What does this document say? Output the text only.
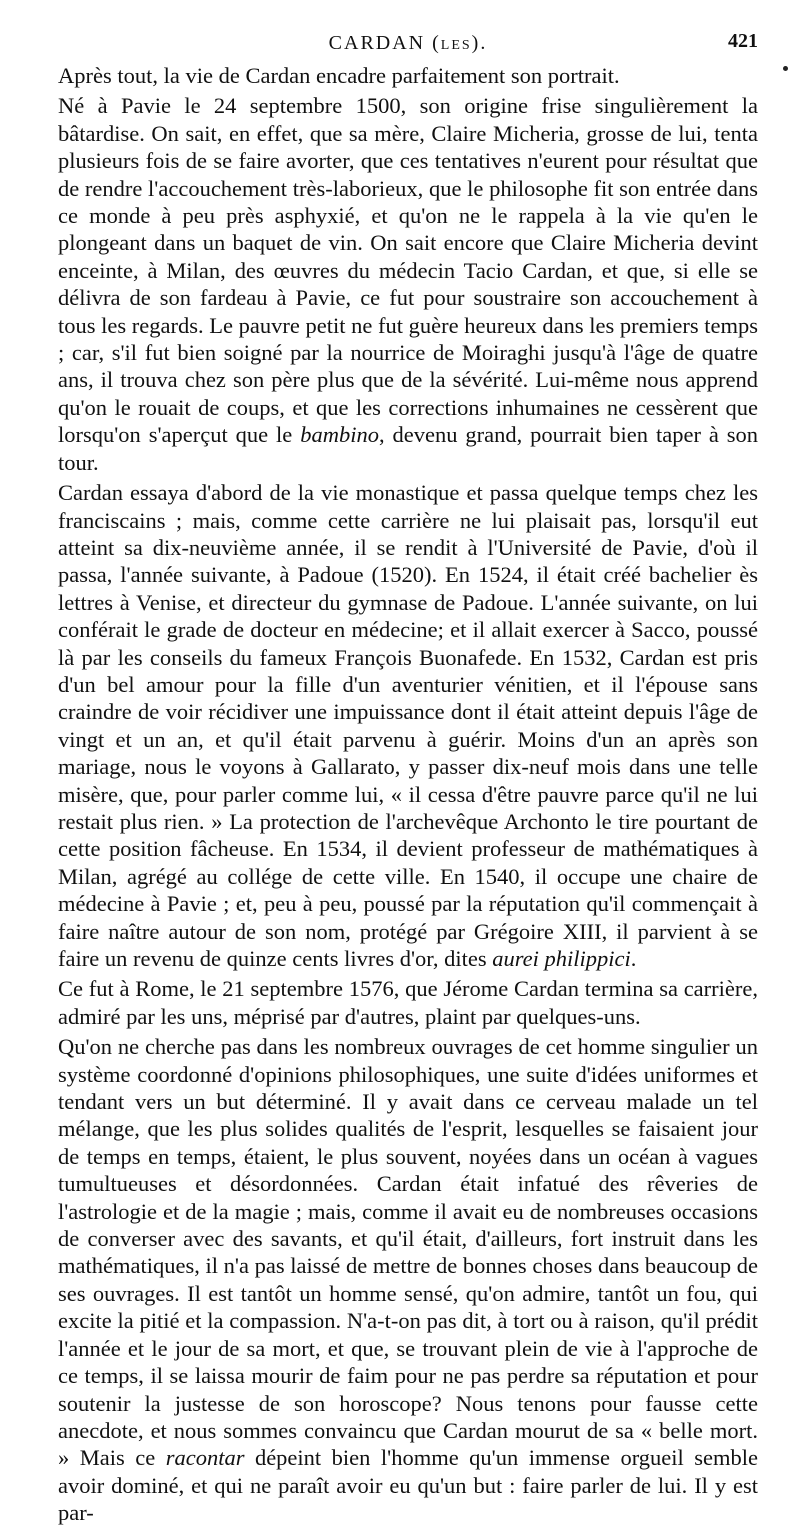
CARDAN (LES).	421

Après tout, la vie de Cardan encadre parfaitement son portrait.

Né à Pavie le 24 septembre 1500, son origine frise singulièrement la bâtardise. On sait, en effet, que sa mère, Claire Micheria, grosse de lui, tenta plusieurs fois de se faire avorter, que ces tentatives n'eurent pour résultat que de rendre l'accouchement très-laborieux, que le philosophe fit son entrée dans ce monde à peu près asphyxié, et qu'on ne le rappela à la vie qu'en le plongeant dans un baquet de vin. On sait encore que Claire Micheria devint enceinte, à Milan, des œuvres du médecin Tacio Cardan, et que, si elle se délivra de son fardeau à Pavie, ce fut pour soustraire son accouchement à tous les regards. Le pauvre petit ne fut guère heureux dans les premiers temps ; car, s'il fut bien soigné par la nourrice de Moiraghi jusqu'à l'âge de quatre ans, il trouva chez son père plus que de la sévérité. Lui-même nous apprend qu'on le rouait de coups, et que les corrections inhumaines ne cessèrent que lorsqu'on s'aperçut que le bambino, devenu grand, pourrait bien taper à son tour.

Cardan essaya d'abord de la vie monastique et passa quelque temps chez les franciscains ; mais, comme cette carrière ne lui plaisait pas, lorsqu'il eut atteint sa dix-neuvième année, il se rendit à l'Université de Pavie, d'où il passa, l'année suivante, à Padoue (1520). En 1524, il était créé bachelier ès lettres à Venise, et directeur du gymnase de Padoue. L'année suivante, on lui conférait le grade de docteur en médecine; et il allait exercer à Sacco, poussé là par les conseils du fameux François Buonafede. En 1532, Cardan est pris d'un bel amour pour la fille d'un aventurier vénitien, et il l'épouse sans craindre de voir récidiver une impuissance dont il était atteint depuis l'âge de vingt et un an, et qu'il était parvenu à guérir. Moins d'un an après son mariage, nous le voyons à Gallarato, y passer dix-neuf mois dans une telle misère, que, pour parler comme lui, « il cessa d'être pauvre parce qu'il ne lui restait plus rien. » La protection de l'archevêque Archonto le tire pourtant de cette position fâcheuse. En 1534, il devient professeur de mathématiques à Milan, agrégé au collége de cette ville. En 1540, il occupe une chaire de médecine à Pavie ; et, peu à peu, poussé par la réputation qu'il commençait à faire naître autour de son nom, protégé par Grégoire XIII, il parvient à se faire un revenu de quinze cents livres d'or, dites aurei philippici.

Ce fut à Rome, le 21 septembre 1576, que Jérome Cardan termina sa carrière, admiré par les uns, méprisé par d'autres, plaint par quelques-uns.

Qu'on ne cherche pas dans les nombreux ouvrages de cet homme singulier un système coordonné d'opinions philosophiques, une suite d'idées uniformes et tendant vers un but déterminé. Il y avait dans ce cerveau malade un tel mélange, que les plus solides qualités de l'esprit, lesquelles se faisaient jour de temps en temps, étaient, le plus souvent, noyées dans un océan à vagues tumultueuses et désordonnées. Cardan était infatué des rêveries de l'astrologie et de la magie ; mais, comme il avait eu de nombreuses occasions de converser avec des savants, et qu'il était, d'ailleurs, fort instruit dans les mathématiques, il n'a pas laissé de mettre de bonnes choses dans beaucoup de ses ouvrages. Il est tantôt un homme sensé, qu'on admire, tantôt un fou, qui excite la pitié et la compassion. N'a-t-on pas dit, à tort ou à raison, qu'il prédit l'année et le jour de sa mort, et que, se trouvant plein de vie à l'approche de ce temps, il se laissa mourir de faim pour ne pas perdre sa réputation et pour soutenir la justesse de son horoscope? Nous tenons pour fausse cette anecdote, et nous sommes convaincu que Cardan mourut de sa « belle mort. » Mais ce racontar dépeint bien l'homme qu'un immense orgueil semble avoir dominé, et qui ne paraît avoir eu qu'un but : faire parler de lui. Il y est par-
